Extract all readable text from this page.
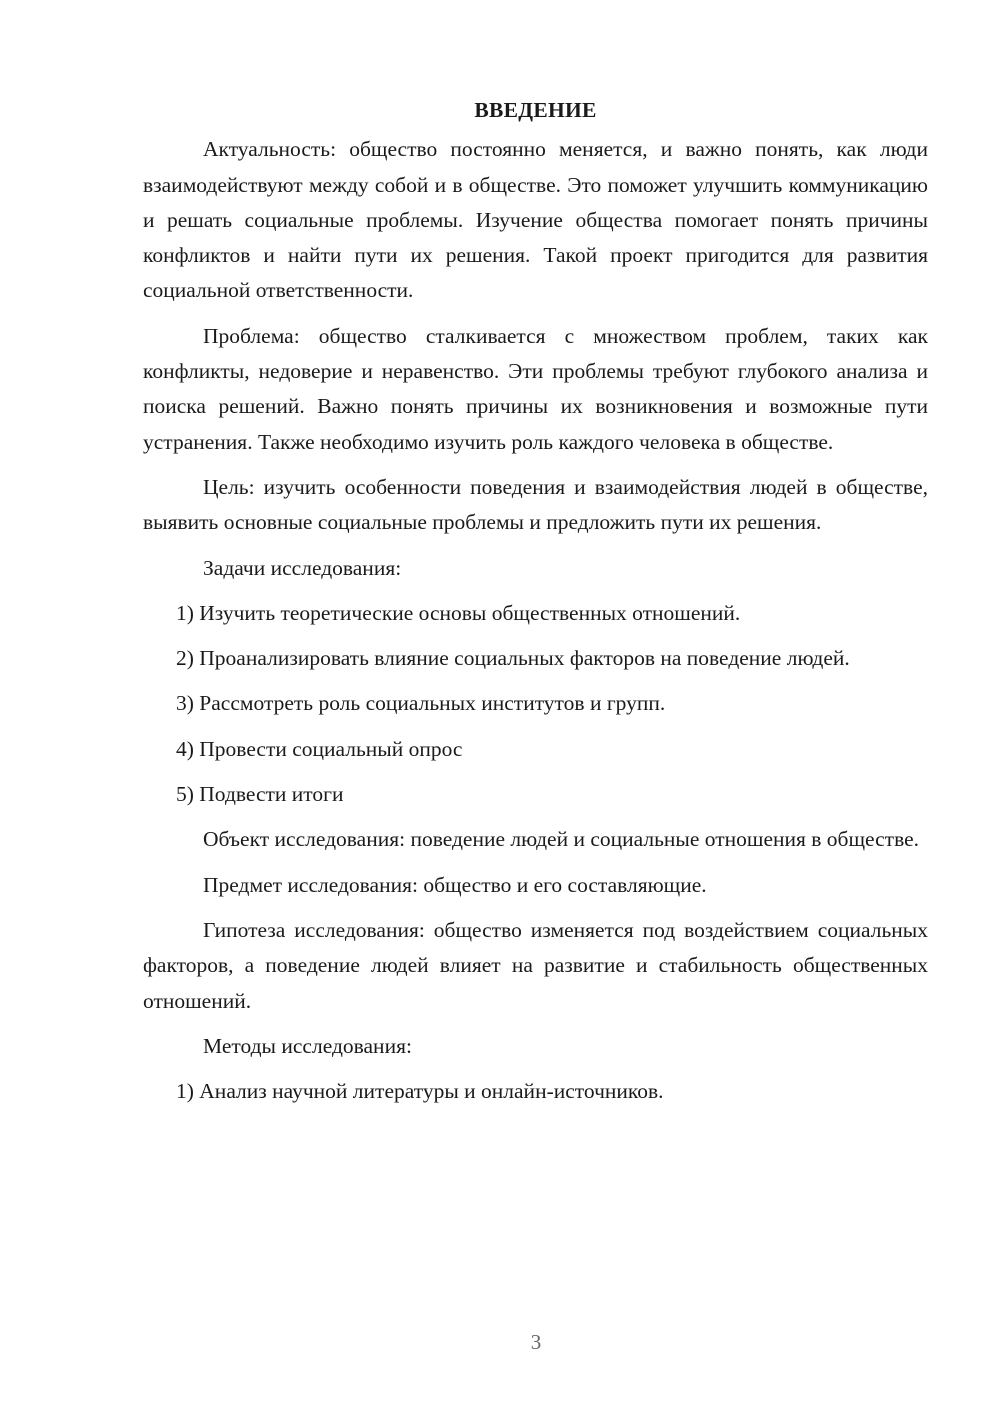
ВВЕДЕНИЕ

Актуальность: общество постоянно меняется, и важно понять, как люди взаимодействуют между собой и в обществе. Это поможет улучшить коммуникацию и решать социальные проблемы. Изучение общества помогает понять причины конфликтов и найти пути их решения. Такой проект пригодится для развития социальной ответственности.

Проблема: общество сталкивается с множеством проблем, таких как конфликты, недоверие и неравенство. Эти проблемы требуют глубокого анализа и поиска решений. Важно понять причины их возникновения и возможные пути устранения. Также необходимо изучить роль каждого человека в обществе.

Цель: изучить особенности поведения и взаимодействия людей в обществе, выявить основные социальные проблемы и предложить пути их решения.

Задачи исследования:

1) Изучить теоретические основы общественных отношений.

2) Проанализировать влияние социальных факторов на поведение людей.

3) Рассмотреть роль социальных институтов и групп.

4) Провести социальный опрос

5) Подвести итоги

Объект исследования: поведение людей и социальные отношения в обществе.

Предмет исследования: общество и его составляющие.

Гипотеза исследования: общество изменяется под воздействием социальных факторов, а поведение людей влияет на развитие и стабильность общественных отношений.

Методы исследования:

1) Анализ научной литературы и онлайн-источников.

3
